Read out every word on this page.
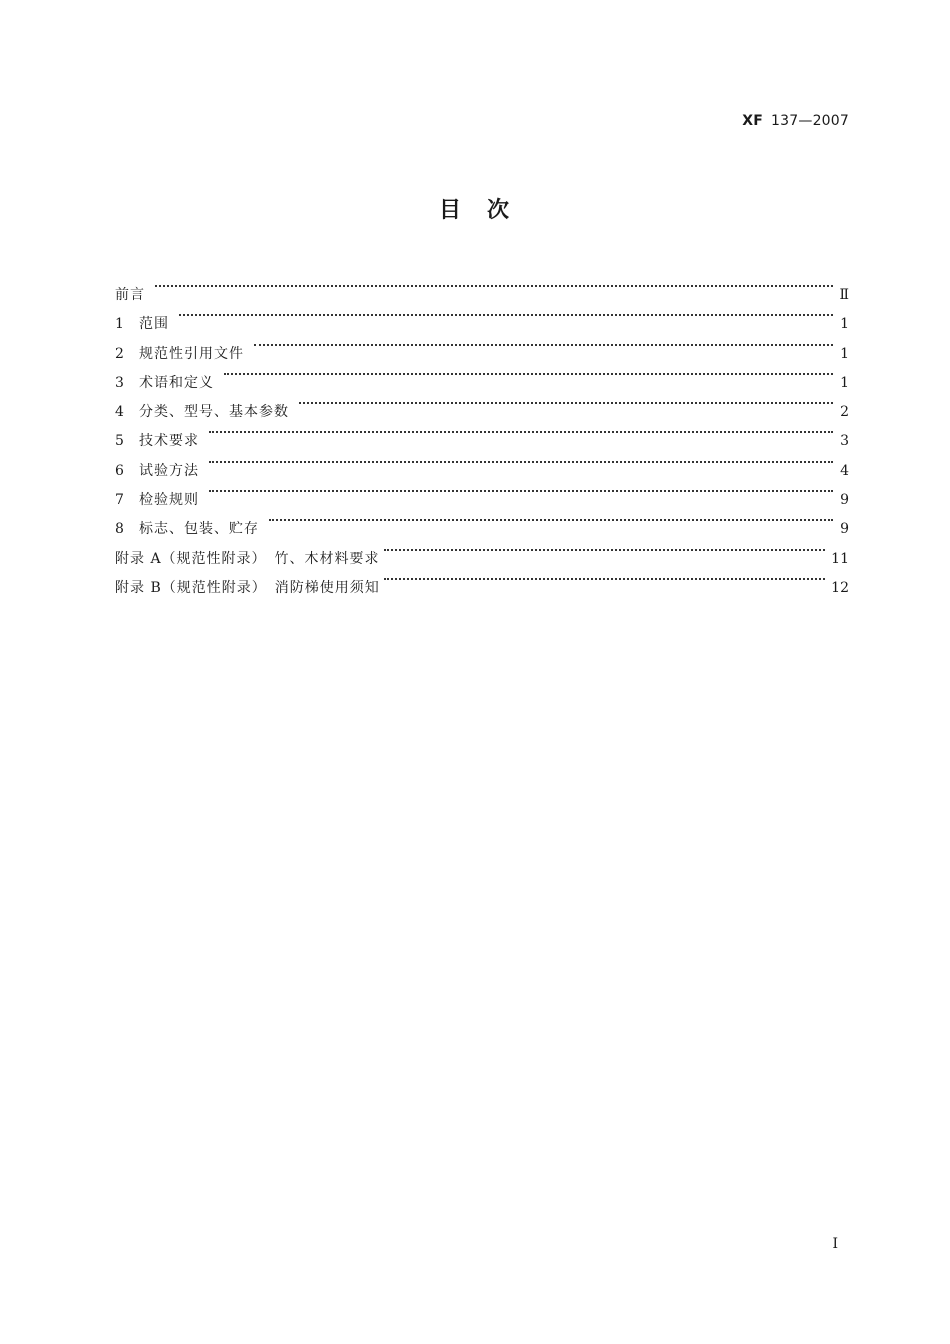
XF 137—2007
目　次
前言	Ⅱ
1	范围	1
2	规范性引用文件	1
3	术语和定义	1
4	分类、型号、基本参数	2
5	技术要求	3
6	试验方法	4
7	检验规则	9
8	标志、包装、贮存	9
附录 A（规范性附录）　竹、木材料要求	11
附录 B（规范性附录）　消防梯使用须知	12
Ⅰ
